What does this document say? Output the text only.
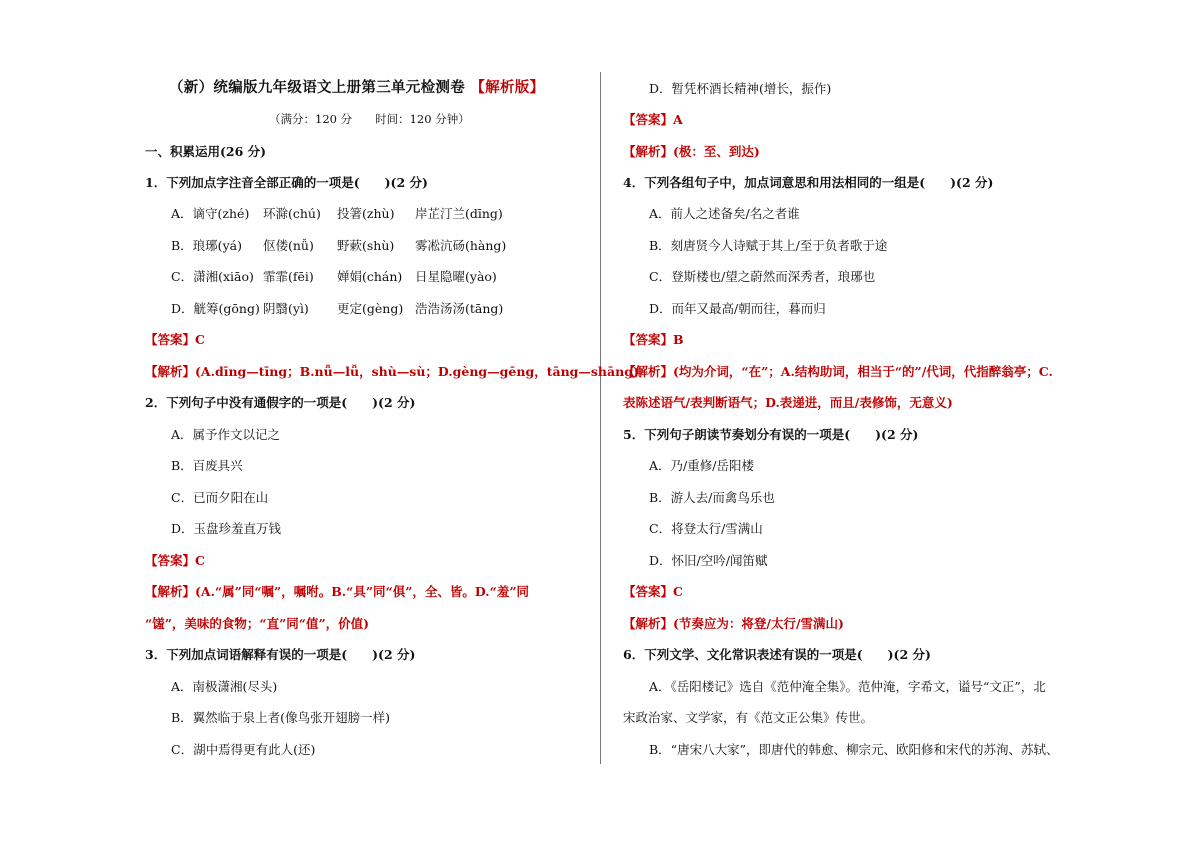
（新）统编版九年级语文上册第三单元检测卷 【解析版】
（满分：120 分　　时间：120 分钟）
一、积累运用(26 分)
1．下列加点字注音全部正确的一项是(　　)(2 分)
A．谪守(zhé) 环滁(chú) 投箸(zhù) 岸芷汀兰(dīng)
B．琅琊(yá) 伛偻(nǚ) 野蔌(shù) 雾凇沆砀(hàng)
C．潇湘(xiāo) 霏霏(fēi) 婵娟(chán) 日星隐曜(yào)
D．觥筹(gōng) 阴翳(yì) 更定(gèng) 浩浩汤汤(tāng)
【答案】C
【解析】(A.dīng—tīng；B.nǚ—lǚ，shù—sù；D.gèng—gēng，tāng—shāng)
2．下列句子中没有通假字的一项是(　　)(2 分)
A．属予作文以记之
B．百废具兴
C．已而夕阳在山
D．玉盘珍羞直万钱
【答案】C
【解析】(A.“属”同“嘱”，嘱咐。B.“具”同“俱”，全、皆。D.“羞”同
“馐”，美味的食物；“直”同“值”，价值)
3．下列加点词语解释有误的一项是(　　)(2 分)
A．南极潇湘(尽头)
B．翼然临于泉上者(像鸟张开翅膀一样)
C．湖中焉得更有此人(还)
D．暂凭杯酒长精神(增长，振作)
【答案】A
【解析】(极：至、到达)
4．下列各组句子中，加点词意思和用法相同的一组是(　　)(2 分)
A．前人之述备矣/名之者谁
B．刻唐贤今人诗赋于其上/至于负者歌于途
C．登斯楼也/望之蔚然而深秀者，琅琊也
D．而年又最高/朝而往，暮而归
【答案】B
【解析】(均为介词，“在”；A.结构助词，相当于“的”/代词，代指醉翁亭；C.
表陈述语气/表判断语气；D.表递进，而且/表修饰，无意义)
5．下列句子朗读节奏划分有误的一项是(　　)(2 分)
A．乃/重修/岳阳楼
B．游人去/而禽鸟乐也
C．将登太行/雪满山
D．怀旧/空吟/闻笛赋
【答案】C
【解析】(节奏应为：将登/太行/雪满山)
6．下列文学、文化常识表述有误的一项是(　　)(2 分)
A．《岳阳楼记》选自《范仲淹全集》。范仲淹，字希文，谥号“文正”，北
宋政治家、文学家，有《范文正公集》传世。
B．“唐宋八大家”，即唐代的韩愈、柳宗元、欧阳修和宋代的苏洵、苏轼、
